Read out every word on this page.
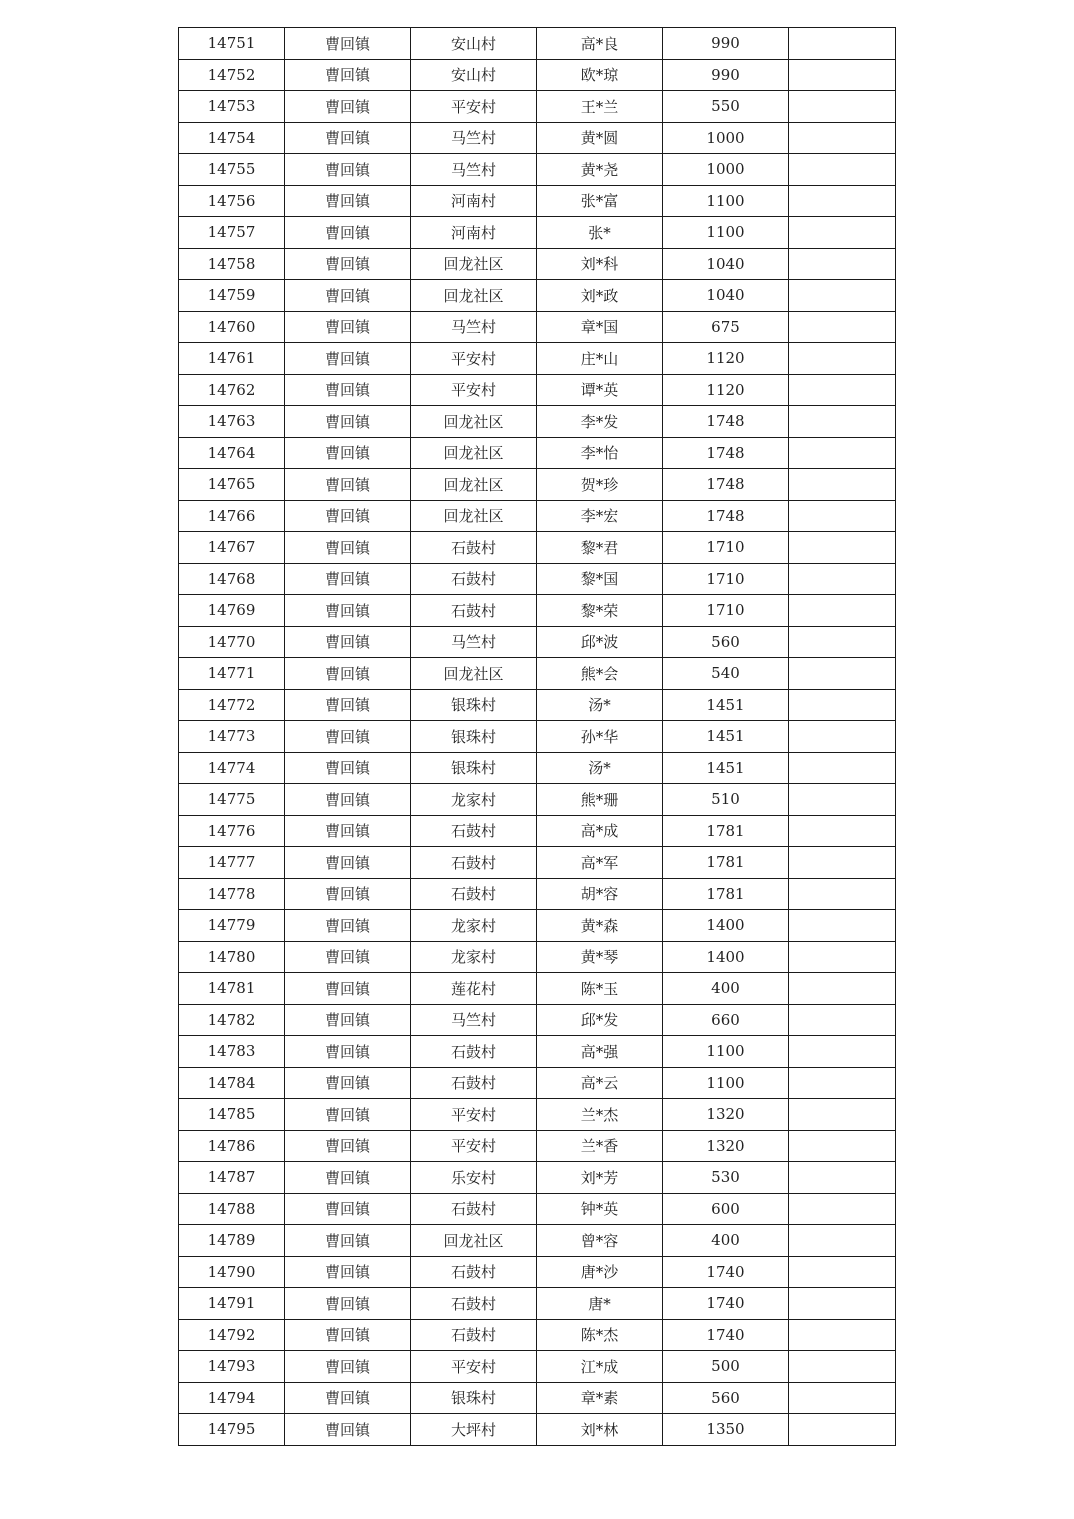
14751	曹回镇	安山村	高*良	990	
14752	曹回镇	安山村	欧*琼	990	
14753	曹回镇	平安村	王*兰	550	
14754	曹回镇	马竺村	黄*圆	1000	
14755	曹回镇	马竺村	黄*尧	1000	
14756	曹回镇	河南村	张*富	1100	
14757	曹回镇	河南村	张*	1100	
14758	曹回镇	回龙社区	刘*科	1040	
14759	曹回镇	回龙社区	刘*政	1040	
14760	曹回镇	马竺村	章*国	675	
14761	曹回镇	平安村	庄*山	1120	
14762	曹回镇	平安村	谭*英	1120	
14763	曹回镇	回龙社区	李*发	1748	
14764	曹回镇	回龙社区	李*怡	1748	
14765	曹回镇	回龙社区	贺*珍	1748	
14766	曹回镇	回龙社区	李*宏	1748	
14767	曹回镇	石鼓村	黎*君	1710	
14768	曹回镇	石鼓村	黎*国	1710	
14769	曹回镇	石鼓村	黎*荣	1710	
14770	曹回镇	马竺村	邱*波	560	
14771	曹回镇	回龙社区	熊*会	540	
14772	曹回镇	银珠村	汤*	1451	
14773	曹回镇	银珠村	孙*华	1451	
14774	曹回镇	银珠村	汤*	1451	
14775	曹回镇	龙家村	熊*珊	510	
14776	曹回镇	石鼓村	高*成	1781	
14777	曹回镇	石鼓村	高*军	1781	
14778	曹回镇	石鼓村	胡*容	1781	
14779	曹回镇	龙家村	黄*森	1400	
14780	曹回镇	龙家村	黄*琴	1400	
14781	曹回镇	莲花村	陈*玉	400	
14782	曹回镇	马竺村	邱*发	660	
14783	曹回镇	石鼓村	高*强	1100	
14784	曹回镇	石鼓村	高*云	1100	
14785	曹回镇	平安村	兰*杰	1320	
14786	曹回镇	平安村	兰*香	1320	
14787	曹回镇	乐安村	刘*芳	530	
14788	曹回镇	石鼓村	钟*英	600	
14789	曹回镇	回龙社区	曾*容	400	
14790	曹回镇	石鼓村	唐*沙	1740	
14791	曹回镇	石鼓村	唐*	1740	
14792	曹回镇	石鼓村	陈*杰	1740	
14793	曹回镇	平安村	江*成	500	
14794	曹回镇	银珠村	章*素	560	
14795	曹回镇	大坪村	刘*林	1350	
